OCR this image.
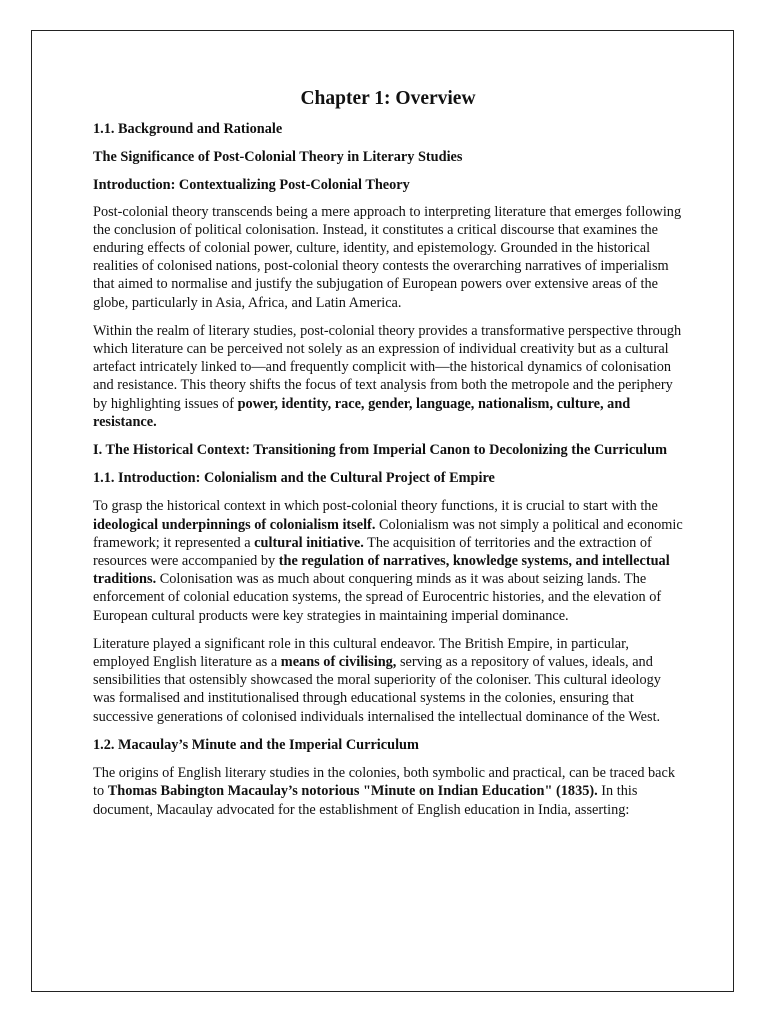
Chapter 1: Overview
1.1. Background and Rationale
The Significance of Post-Colonial Theory in Literary Studies
Introduction: Contextualizing Post-Colonial Theory

Post-colonial theory transcends being a mere approach to interpreting literature that emerges following the conclusion of political colonisation. Instead, it constitutes a critical discourse that examines the enduring effects of colonial power, culture, identity, and epistemology. Grounded in the historical realities of colonised nations, post-colonial theory contests the overarching narratives of imperialism that aimed to normalise and justify the subjugation of European powers over extensive areas of the globe, particularly in Asia, Africa, and Latin America.

Within the realm of literary studies, post-colonial theory provides a transformative perspective through which literature can be perceived not solely as an expression of individual creativity but as a cultural artefact intricately linked to—and frequently complicit with—the historical dynamics of colonisation and resistance. This theory shifts the focus of text analysis from both the metropole and the periphery by highlighting issues of power, identity, race, gender, language, nationalism, culture, and resistance.

I. The Historical Context: Transitioning from Imperial Canon to Decolonizing the Curriculum
1.1. Introduction: Colonialism and the Cultural Project of Empire

To grasp the historical context in which post-colonial theory functions, it is crucial to start with the ideological underpinnings of colonialism itself. Colonialism was not simply a political and economic framework; it represented a cultural initiative. The acquisition of territories and the extraction of resources were accompanied by the regulation of narratives, knowledge systems, and intellectual traditions. Colonisation was as much about conquering minds as it was about seizing lands. The enforcement of colonial education systems, the spread of Eurocentric histories, and the elevation of European cultural products were key strategies in maintaining imperial dominance.

Literature played a significant role in this cultural endeavor. The British Empire, in particular, employed English literature as a means of civilising, serving as a repository of values, ideals, and sensibilities that ostensibly showcased the moral superiority of the coloniser. This cultural ideology was formalised and institutionalised through educational systems in the colonies, ensuring that successive generations of colonised individuals internalised the intellectual dominance of the West.

1.2. Macaulay’s Minute and the Imperial Curriculum

The origins of English literary studies in the colonies, both symbolic and practical, can be traced back to Thomas Babington Macaulay’s notorious "Minute on Indian Education" (1835). In this document, Macaulay advocated for the establishment of English education in India, asserting:
